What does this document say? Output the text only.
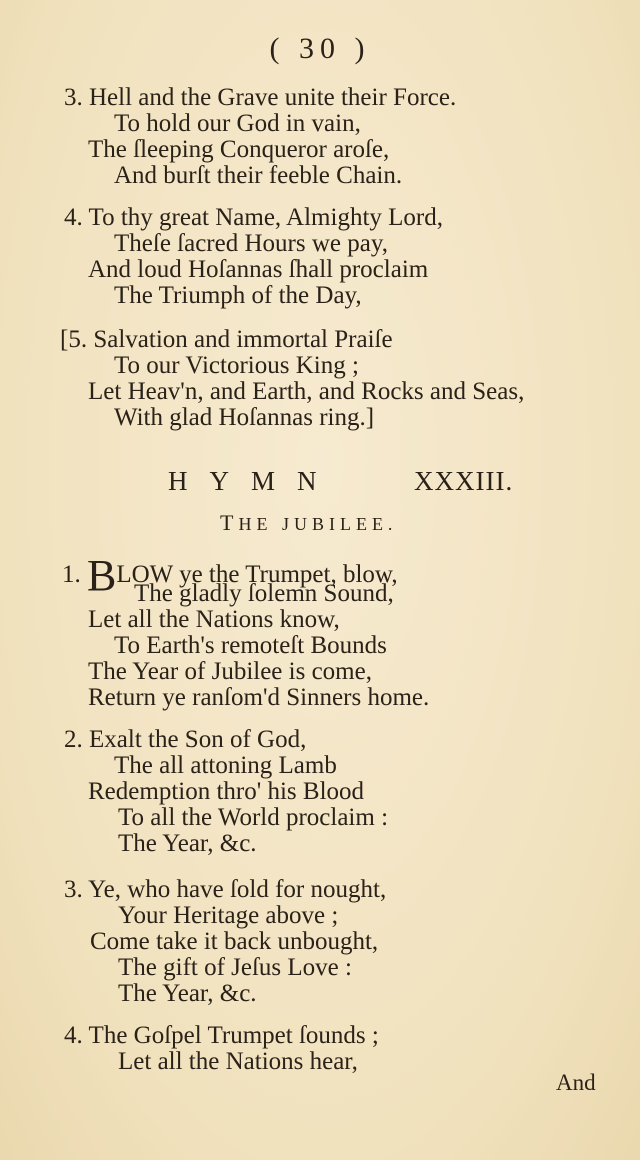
( 30 )
3. Hell and the Grave unite their Force.
To hold our God in vain,
The ſleeping Conqueror aroſe,
And burſt their feeble Chain.
4. To thy great Name, Almighty Lord,
Theſe ſacred Hours we pay,
And loud Hoſannas ſhall proclaim
The Triumph of the Day,
[5. Salvation and immortal Praiſe
To our Victorious King ;
Let Heav'n, and Earth, and Rocks and Seas,
With glad Hoſannas ring.]
HYMN	XXXIII.
THE JUBILEE.
1. BLOW ye the Trumpet, blow,
The gladly ſolemn Sound,
Let all the Nations know,
To Earth's remoteſt Bounds
The Year of Jubilee is come,
Return ye ranſom'd Sinners home.
2. Exalt the Son of God,
The all attoning Lamb
Redemption thro' his Blood
To all the World proclaim :
The Year, &c.
3. Ye, who have ſold for nought,
Your Heritage above ;
Come take it back unbought,
The gift of Jeſus Love :
The Year, &c.
4. The Goſpel Trumpet ſounds ;
Let all the Nations hear,
And
